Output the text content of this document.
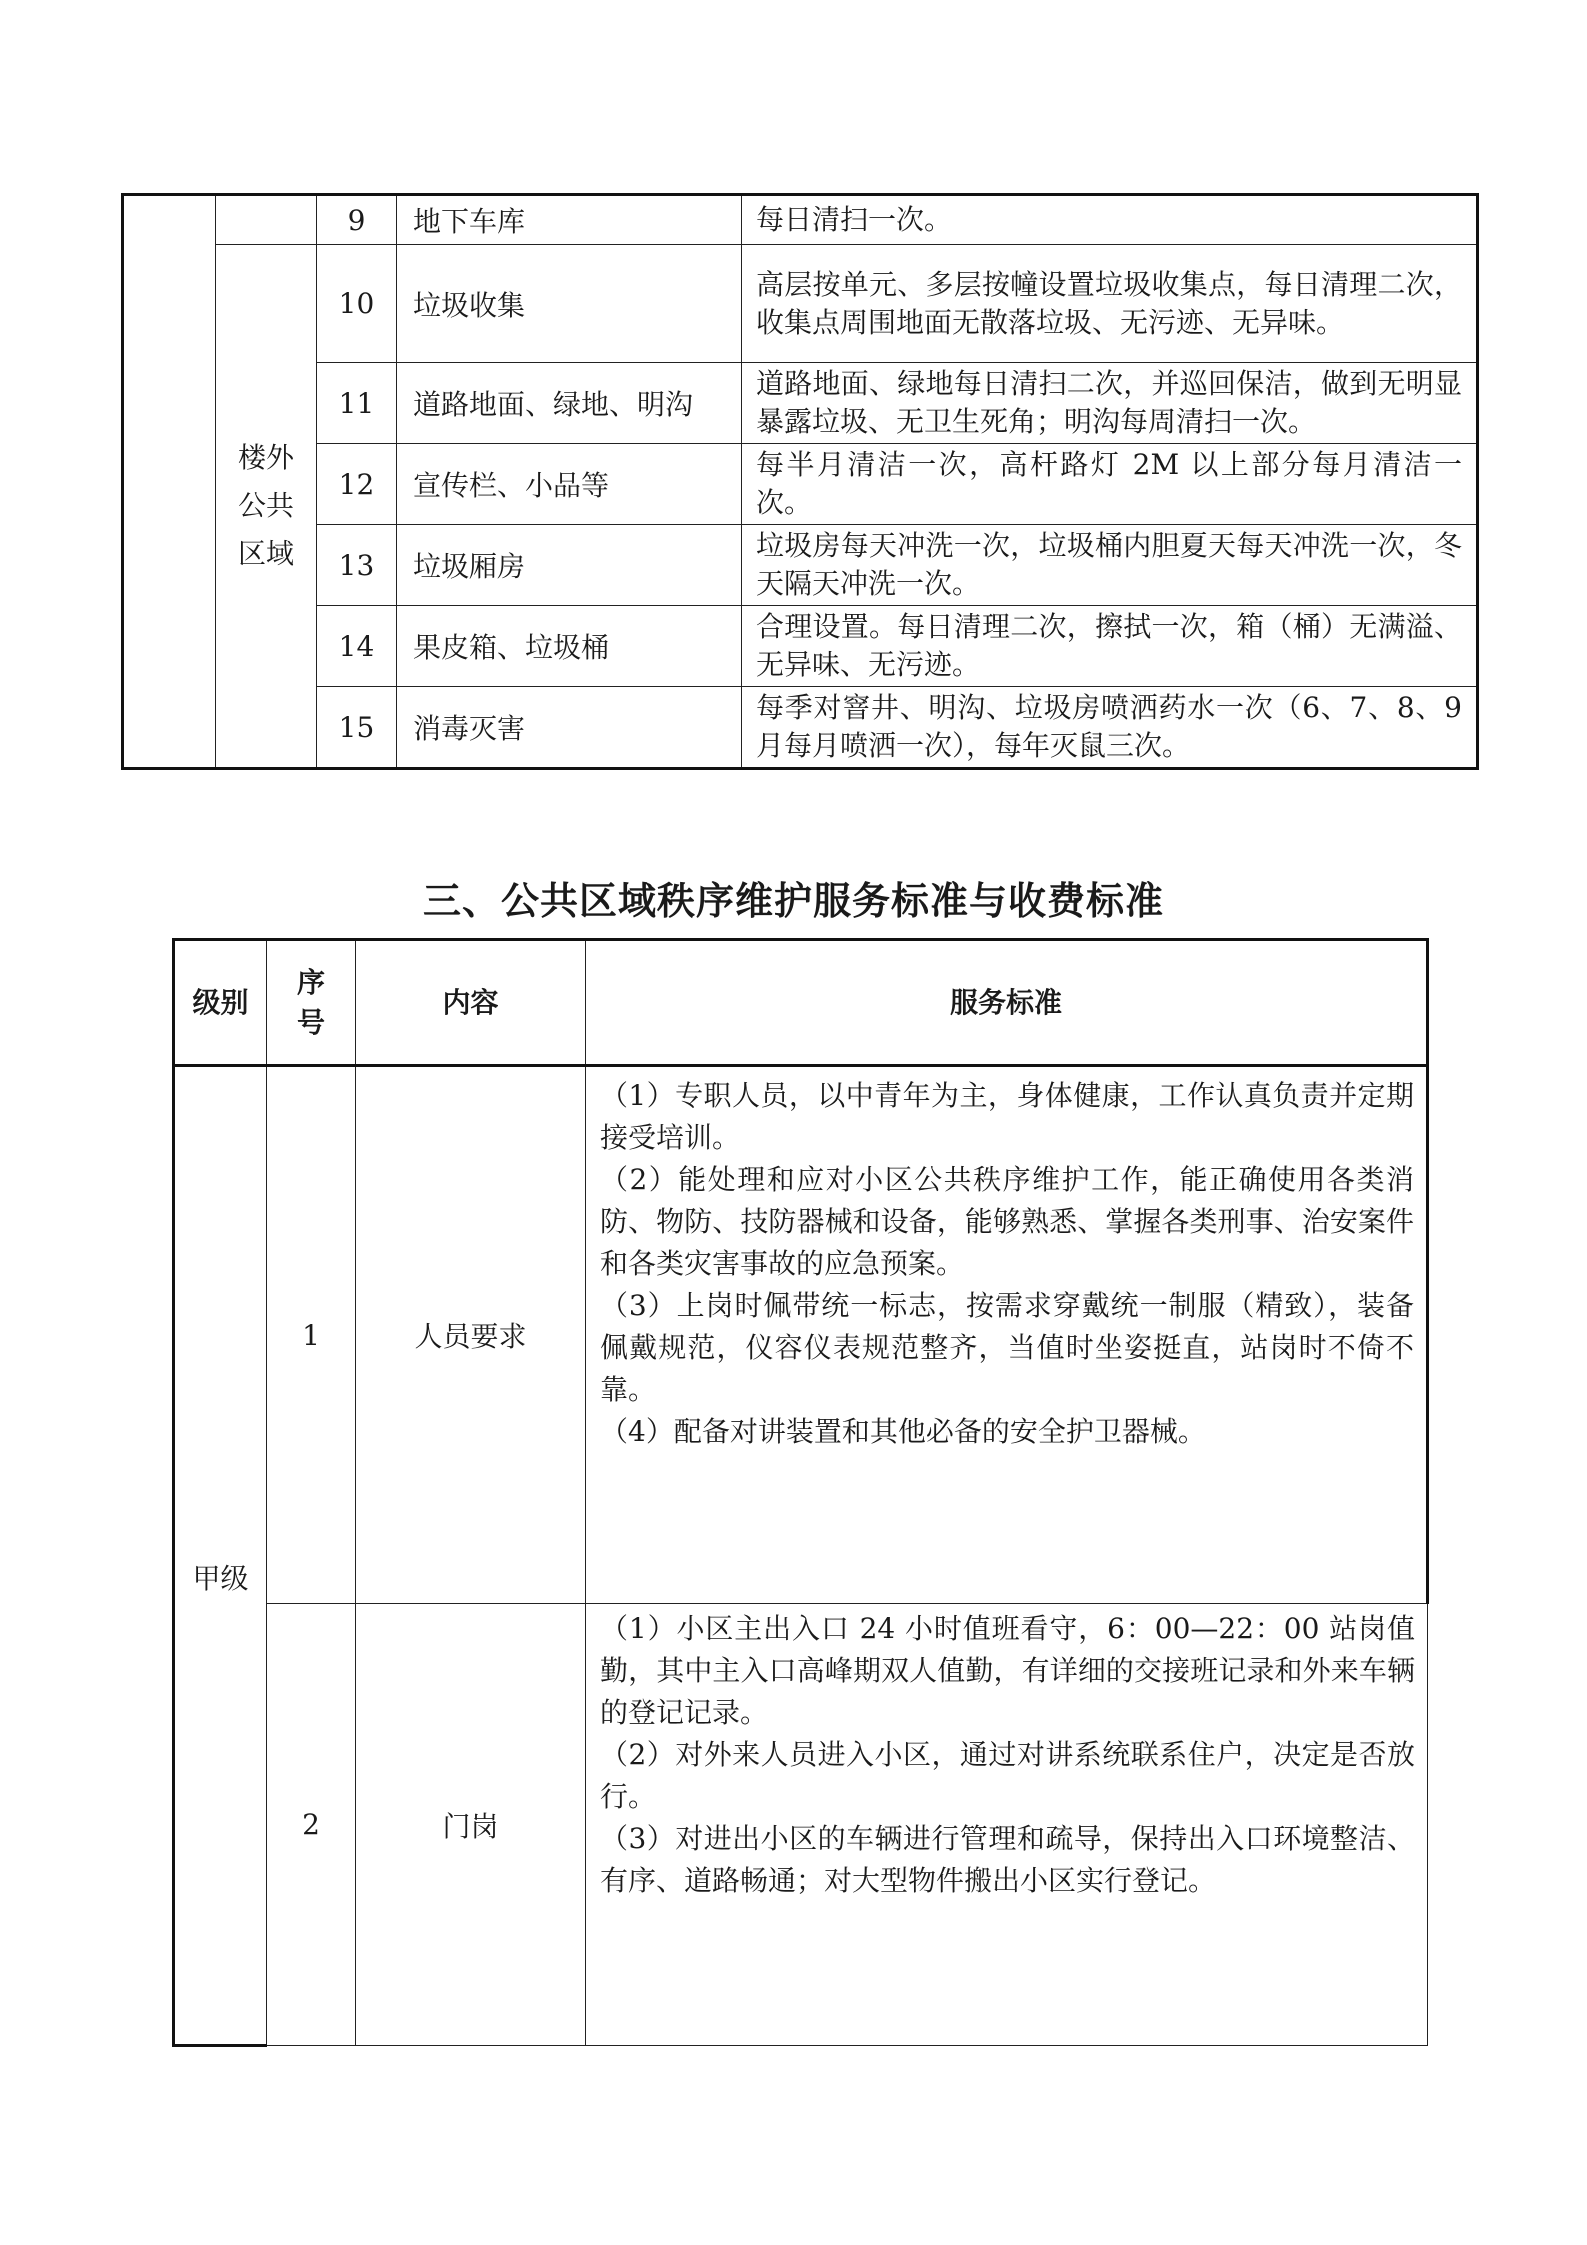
		9	地下车库	每日清扫一次。
	楼外
公共
区域	10	垃圾收集	高层按单元、多层按幢设置垃圾收集点，每日清理二次，收集点周围地面无散落垃圾、无污迹、无异味。
		11	道路地面、绿地、明沟	道路地面、绿地每日清扫二次，并巡回保洁，做到无明显暴露垃圾、无卫生死角；明沟每周清扫一次。
		12	宣传栏、小品等	每半月清洁一次，高杆路灯 2M 以上部分每月清洁一次。
		13	垃圾厢房	垃圾房每天冲洗一次，垃圾桶内胆夏天每天冲洗一次，冬天隔天冲洗一次。
		14	果皮箱、垃圾桶	合理设置。每日清理二次，擦拭一次，箱（桶）无满溢、无异味、无污迹。
		15	消毒灭害	每季对窨井、明沟、垃圾房喷洒药水一次（6、7、8、9 月每月喷洒一次），每年灭鼠三次。
三、公共区域秩序维护服务标准与收费标准
级别	序号	内容	服务标准
甲级	1	人员要求	（1）专职人员，以中青年为主，身体健康，工作认真负责并定期接受培训。

（2）能处理和应对小区公共秩序维护工作，能正确使用各类消防、物防、技防器械和设备，能够熟悉、掌握各类刑事、治安案件和各类灾害事故的应急预案。

（3）上岗时佩带统一标志，按需求穿戴统一制服（精致），装备佩戴规范，仪容仪表规范整齐，当值时坐姿挺直，站岗时不倚不靠。

（4）配备对讲装置和其他必备的安全护卫器械。

	2	门岗	（1）小区主出入口 24 小时值班看守，6：00—22：00 站岗值勤，其中主入口高峰期双人值勤，有详细的交接班记录和外来车辆的登记记录。

（2）对外来人员进入小区，通过对讲系统联系住户，决定是否放行。

（3）对进出小区的车辆进行管理和疏导，保持出入口环境整洁、有序、道路畅通；对大型物件搬出小区实行登记。
